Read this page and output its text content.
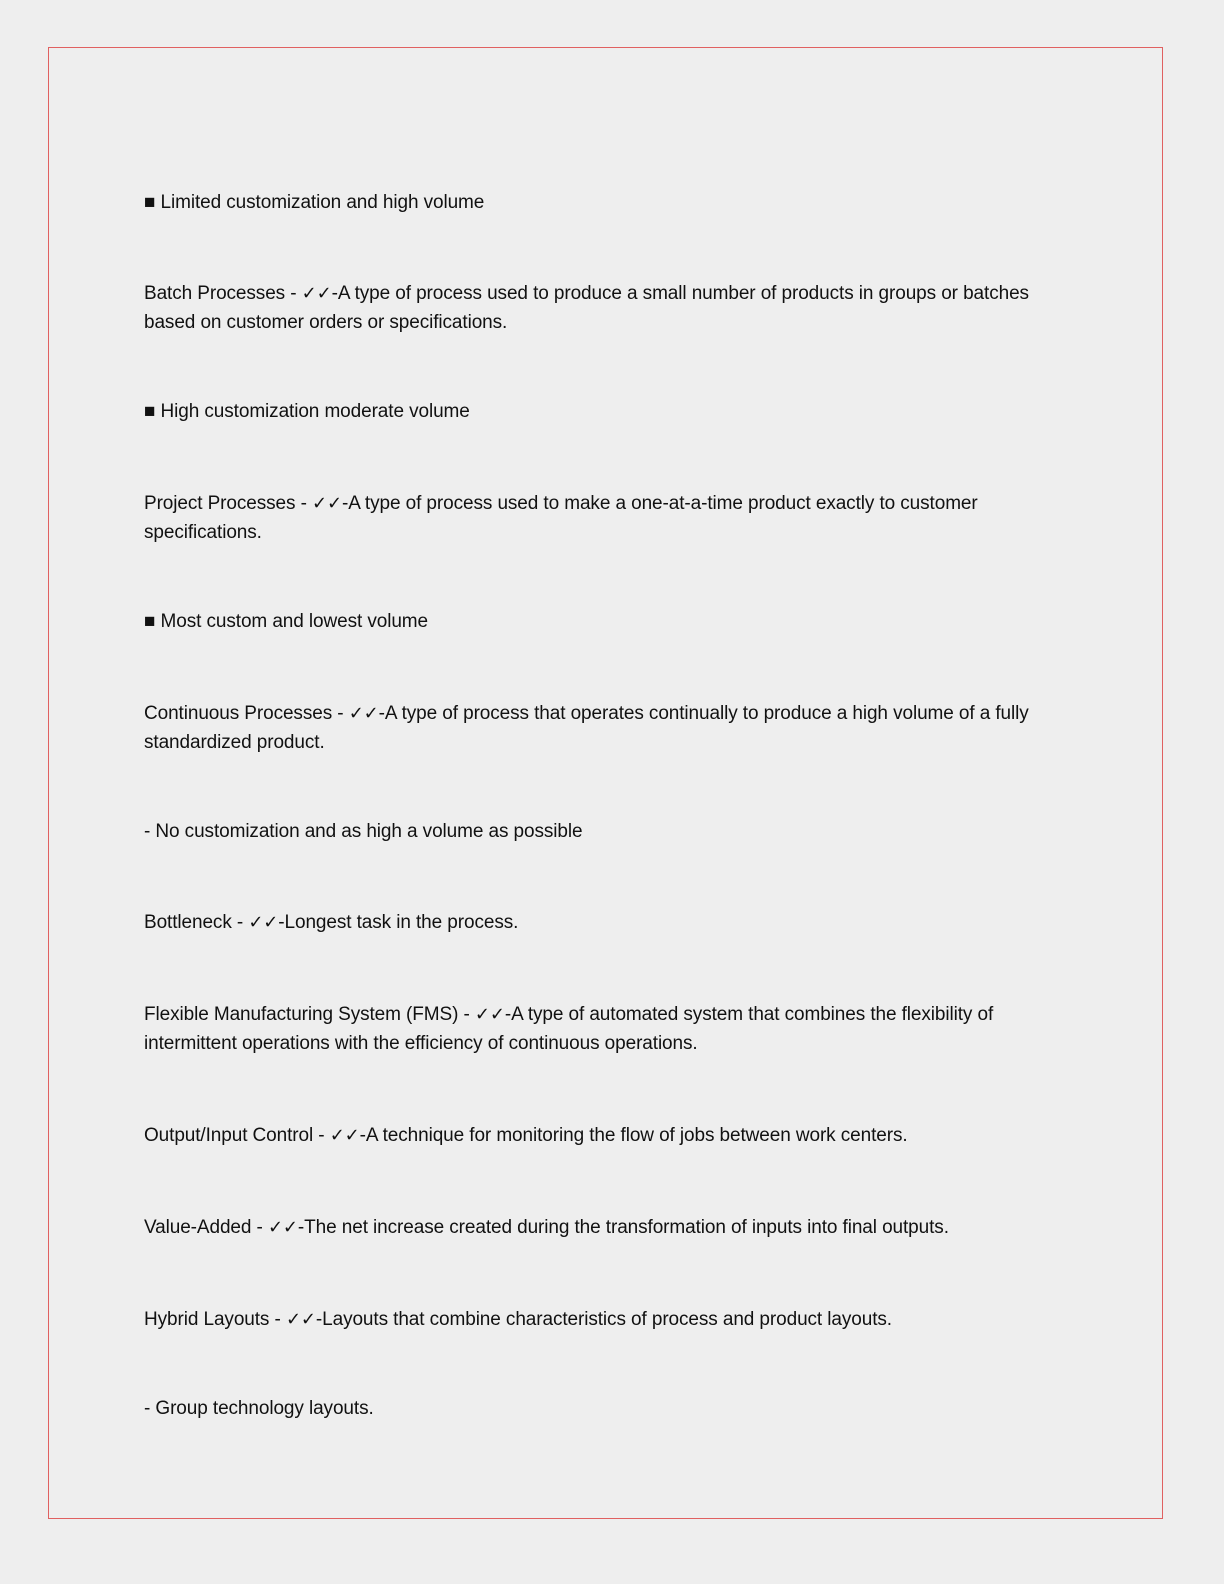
■ Limited customization and high volume
Batch Processes - ✓✓-A type of process used to produce a small number of products in groups or batches based on customer orders or specifications.
■ High customization moderate volume
Project Processes - ✓✓-A type of process used to make a one-at-a-time product exactly to customer specifications.
■ Most custom and lowest volume
Continuous Processes - ✓✓-A type of process that operates continually to produce a high volume of a fully standardized product.
- No customization and as high a volume as possible
Bottleneck - ✓✓-Longest task in the process.
Flexible Manufacturing System (FMS) - ✓✓-A type of automated system that combines the flexibility of intermittent operations with the efficiency of continuous operations.
Output/Input Control - ✓✓-A technique for monitoring the flow of jobs between work centers.
Value-Added - ✓✓-The net increase created during the transformation of inputs into final outputs.
Hybrid Layouts - ✓✓-Layouts that combine characteristics of process and product layouts.
- Group technology layouts.
